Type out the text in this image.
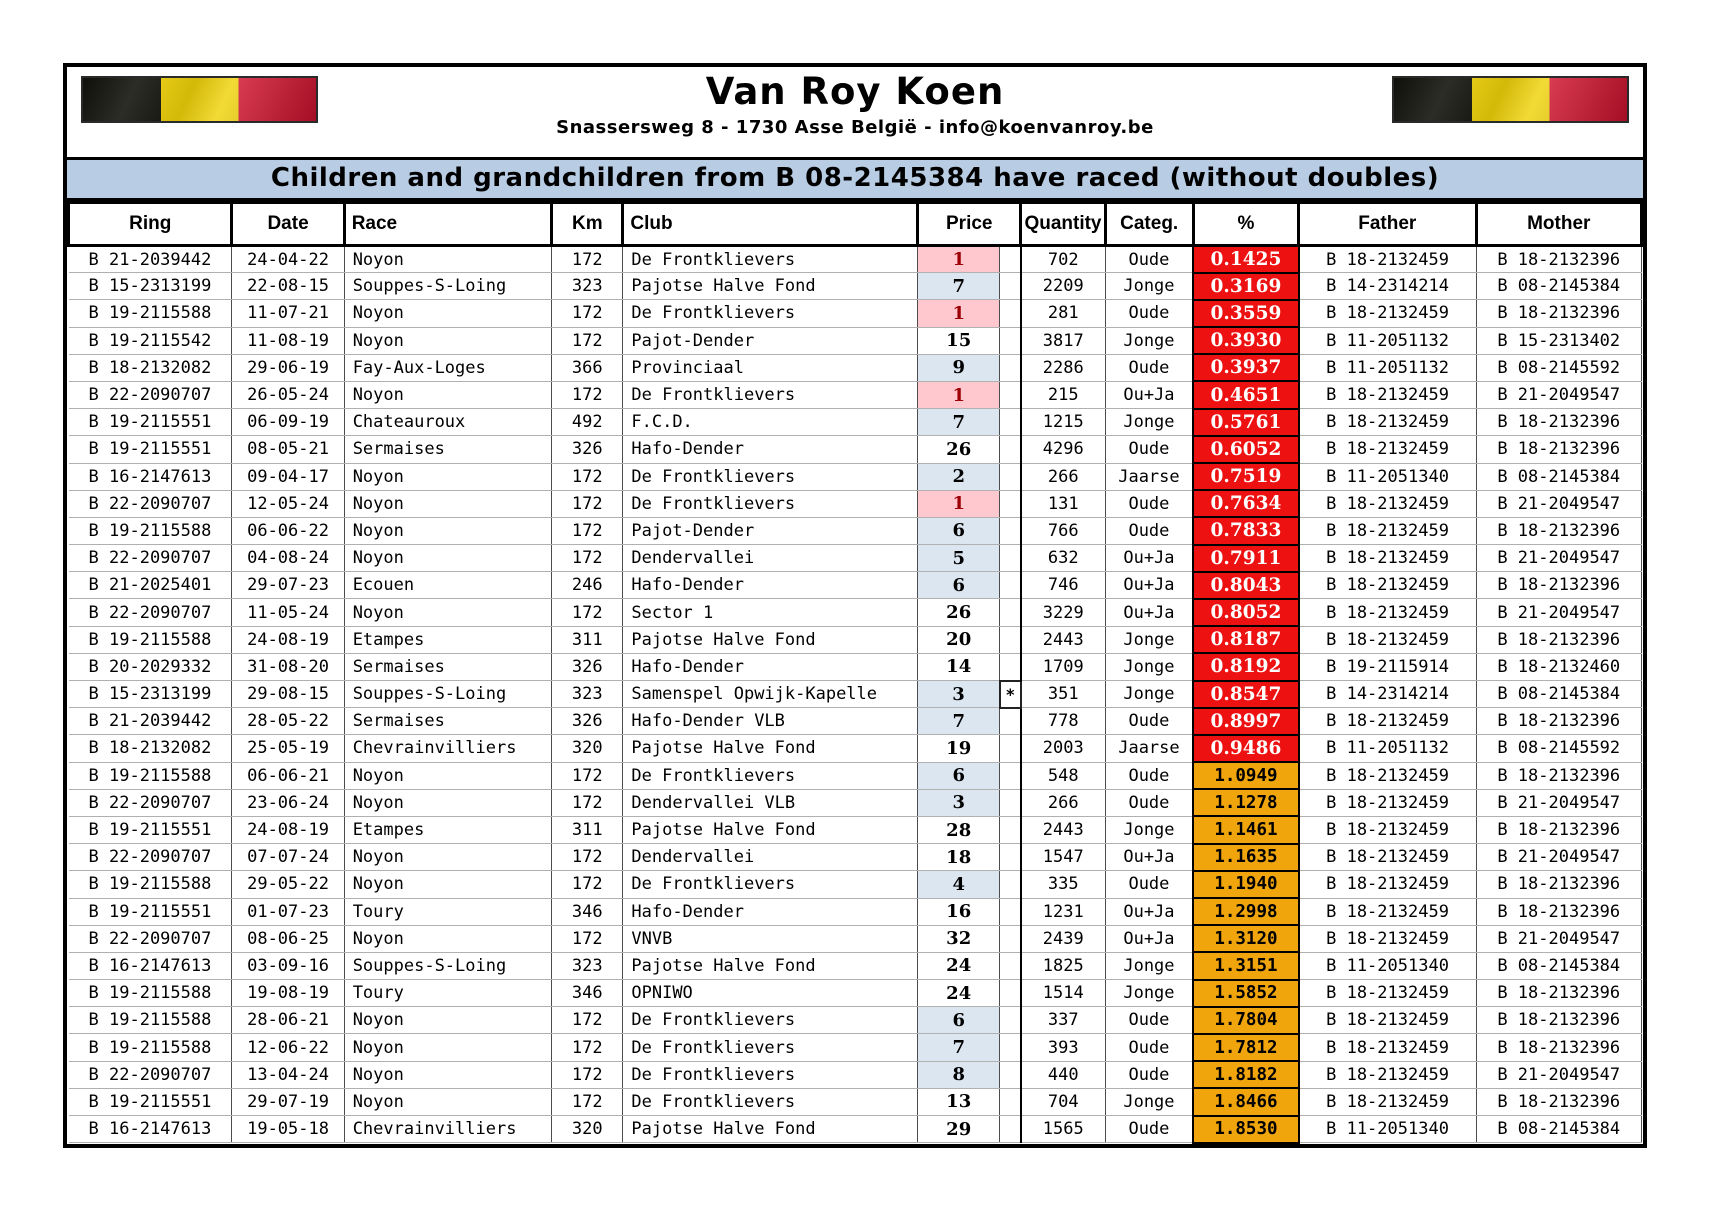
Van Roy Koen
Snassersweg 8 - 1730 Asse België - info@koenvanroy.be
Children and grandchildren from B 08-2145384 have raced (without doubles)
Ring	Date	Race	Km	Club	Price		Quantity	Categ.	%	Father	Mother
B 21-2039442	24-04-22	Noyon	172	De Frontklievers	1		702	Oude	0.1425	B 18-2132459	B 18-2132396
B 15-2313199	22-08-15	Souppes-S-Loing	323	Pajotse Halve Fond	7		2209	Jonge	0.3169	B 14-2314214	B 08-2145384
B 19-2115588	11-07-21	Noyon	172	De Frontklievers	1		281	Oude	0.3559	B 18-2132459	B 18-2132396
B 19-2115542	11-08-19	Noyon	172	Pajot-Dender	15		3817	Jonge	0.3930	B 11-2051132	B 15-2313402
B 18-2132082	29-06-19	Fay-Aux-Loges	366	Provinciaal	9		2286	Oude	0.3937	B 11-2051132	B 08-2145592
B 22-2090707	26-05-24	Noyon	172	De Frontklievers	1		215	Ou+Ja	0.4651	B 18-2132459	B 21-2049547
B 19-2115551	06-09-19	Chateauroux	492	F.C.D.	7		1215	Jonge	0.5761	B 18-2132459	B 18-2132396
B 19-2115551	08-05-21	Sermaises	326	Hafo-Dender	26		4296	Oude	0.6052	B 18-2132459	B 18-2132396
B 16-2147613	09-04-17	Noyon	172	De Frontklievers	2		266	Jaarse	0.7519	B 11-2051340	B 08-2145384
B 22-2090707	12-05-24	Noyon	172	De Frontklievers	1		131	Oude	0.7634	B 18-2132459	B 21-2049547
B 19-2115588	06-06-22	Noyon	172	Pajot-Dender	6		766	Oude	0.7833	B 18-2132459	B 18-2132396
B 22-2090707	04-08-24	Noyon	172	Dendervallei	5		632	Ou+Ja	0.7911	B 18-2132459	B 21-2049547
B 21-2025401	29-07-23	Ecouen	246	Hafo-Dender	6		746	Ou+Ja	0.8043	B 18-2132459	B 18-2132396
B 22-2090707	11-05-24	Noyon	172	Sector 1	26		3229	Ou+Ja	0.8052	B 18-2132459	B 21-2049547
B 19-2115588	24-08-19	Etampes	311	Pajotse Halve Fond	20		2443	Jonge	0.8187	B 18-2132459	B 18-2132396
B 20-2029332	31-08-20	Sermaises	326	Hafo-Dender	14		1709	Jonge	0.8192	B 19-2115914	B 18-2132460
B 15-2313199	29-08-15	Souppes-S-Loing	323	Samenspel Opwijk-Kapelle	3	*	351	Jonge	0.8547	B 14-2314214	B 08-2145384
B 21-2039442	28-05-22	Sermaises	326	Hafo-Dender VLB	7		778	Oude	0.8997	B 18-2132459	B 18-2132396
B 18-2132082	25-05-19	Chevrainvilliers	320	Pajotse Halve Fond	19		2003	Jaarse	0.9486	B 11-2051132	B 08-2145592
B 19-2115588	06-06-21	Noyon	172	De Frontklievers	6		548	Oude	1.0949	B 18-2132459	B 18-2132396
B 22-2090707	23-06-24	Noyon	172	Dendervallei VLB	3		266	Oude	1.1278	B 18-2132459	B 21-2049547
B 19-2115551	24-08-19	Etampes	311	Pajotse Halve Fond	28		2443	Jonge	1.1461	B 18-2132459	B 18-2132396
B 22-2090707	07-07-24	Noyon	172	Dendervallei	18		1547	Ou+Ja	1.1635	B 18-2132459	B 21-2049547
B 19-2115588	29-05-22	Noyon	172	De Frontklievers	4		335	Oude	1.1940	B 18-2132459	B 18-2132396
B 19-2115551	01-07-23	Toury	346	Hafo-Dender	16		1231	Ou+Ja	1.2998	B 18-2132459	B 18-2132396
B 22-2090707	08-06-25	Noyon	172	VNVB	32		2439	Ou+Ja	1.3120	B 18-2132459	B 21-2049547
B 16-2147613	03-09-16	Souppes-S-Loing	323	Pajotse Halve Fond	24		1825	Jonge	1.3151	B 11-2051340	B 08-2145384
B 19-2115588	19-08-19	Toury	346	OPNIWO	24		1514	Jonge	1.5852	B 18-2132459	B 18-2132396
B 19-2115588	28-06-21	Noyon	172	De Frontklievers	6		337	Oude	1.7804	B 18-2132459	B 18-2132396
B 19-2115588	12-06-22	Noyon	172	De Frontklievers	7		393	Oude	1.7812	B 18-2132459	B 18-2132396
B 22-2090707	13-04-24	Noyon	172	De Frontklievers	8		440	Oude	1.8182	B 18-2132459	B 21-2049547
B 19-2115551	29-07-19	Noyon	172	De Frontklievers	13		704	Jonge	1.8466	B 18-2132459	B 18-2132396
B 16-2147613	19-05-18	Chevrainvilliers	320	Pajotse Halve Fond	29		1565	Oude	1.8530	B 11-2051340	B 08-2145384
